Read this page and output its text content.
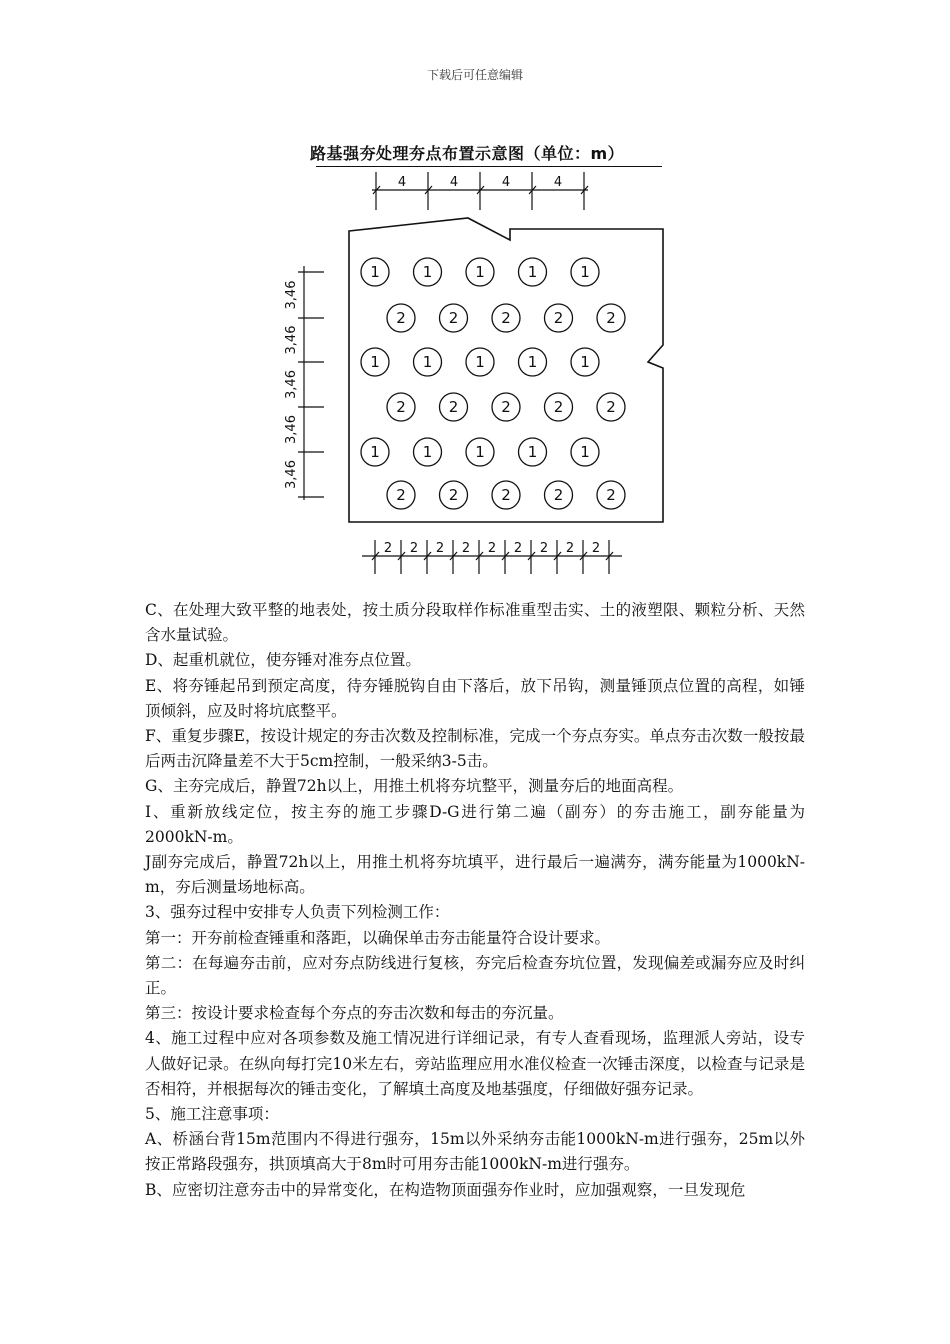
下载后可任意编辑
路基强夯处理夯点布置示意图（单位：m）
4	4	4	4
3,46
3,46
3,46
3,46
3,46
2 2 2 2 2 2 2 2 2
1	1	1	1	1
2	2	2	2	2
1	1	1	1	1
2	2	2	2	2
1	1	1	1	1
2	2	2	2	2

C、在处理大致平整的地表处，按土质分段取样作标准重型击实、土的液塑限、颗粒分析、天然含水量试验。

D、起重机就位，使夯锤对准夯点位置。

E、将夯锤起吊到预定高度，待夯锤脱钩自由下落后，放下吊钩，测量锤顶点位置的高程，如锤顶倾斜，应及时将坑底整平。

F、重复步骤E，按设计规定的夯击次数及控制标准，完成一个夯点夯实。单点夯击次数一般按最后两击沉降量差不大于5cm控制，一般采纳3-5击。

G、主夯完成后，静置72h以上，用推土机将夯坑整平，测量夯后的地面高程。

I、重新放线定位，按主夯的施工步骤D-G进行第二遍（副夯）的夯击施工，副夯能量为2000kN-m。

J副夯完成后，静置72h以上，用推土机将夯坑填平，进行最后一遍满夯，满夯能量为1000kN-m，夯后测量场地标高。

3、强夯过程中安排专人负责下列检测工作：

第一：开夯前检查锤重和落距，以确保单击夯击能量符合设计要求。

第二：在每遍夯击前，应对夯点防线进行复核，夯完后检查夯坑位置，发现偏差或漏夯应及时纠正。

第三：按设计要求检查每个夯点的夯击次数和每击的夯沉量。

4、施工过程中应对各项参数及施工情况进行详细记录，有专人查看现场，监理派人旁站，设专人做好记录。在纵向每打完10米左右，旁站监理应用水准仪检查一次锤击深度，以检查与记录是否相符，并根据每次的锤击变化，了解填土高度及地基强度，仔细做好强夯记录。

5、施工注意事项：

A、桥涵台背15m范围内不得进行强夯，15m以外采纳夯击能1000kN-m进行强夯，25m以外按正常路段强夯，拱顶填高大于8m时可用夯击能1000kN-m进行强夯。

B、应密切注意夯击中的异常变化，在构造物顶面强夯作业时，应加强观察，一旦发现危
